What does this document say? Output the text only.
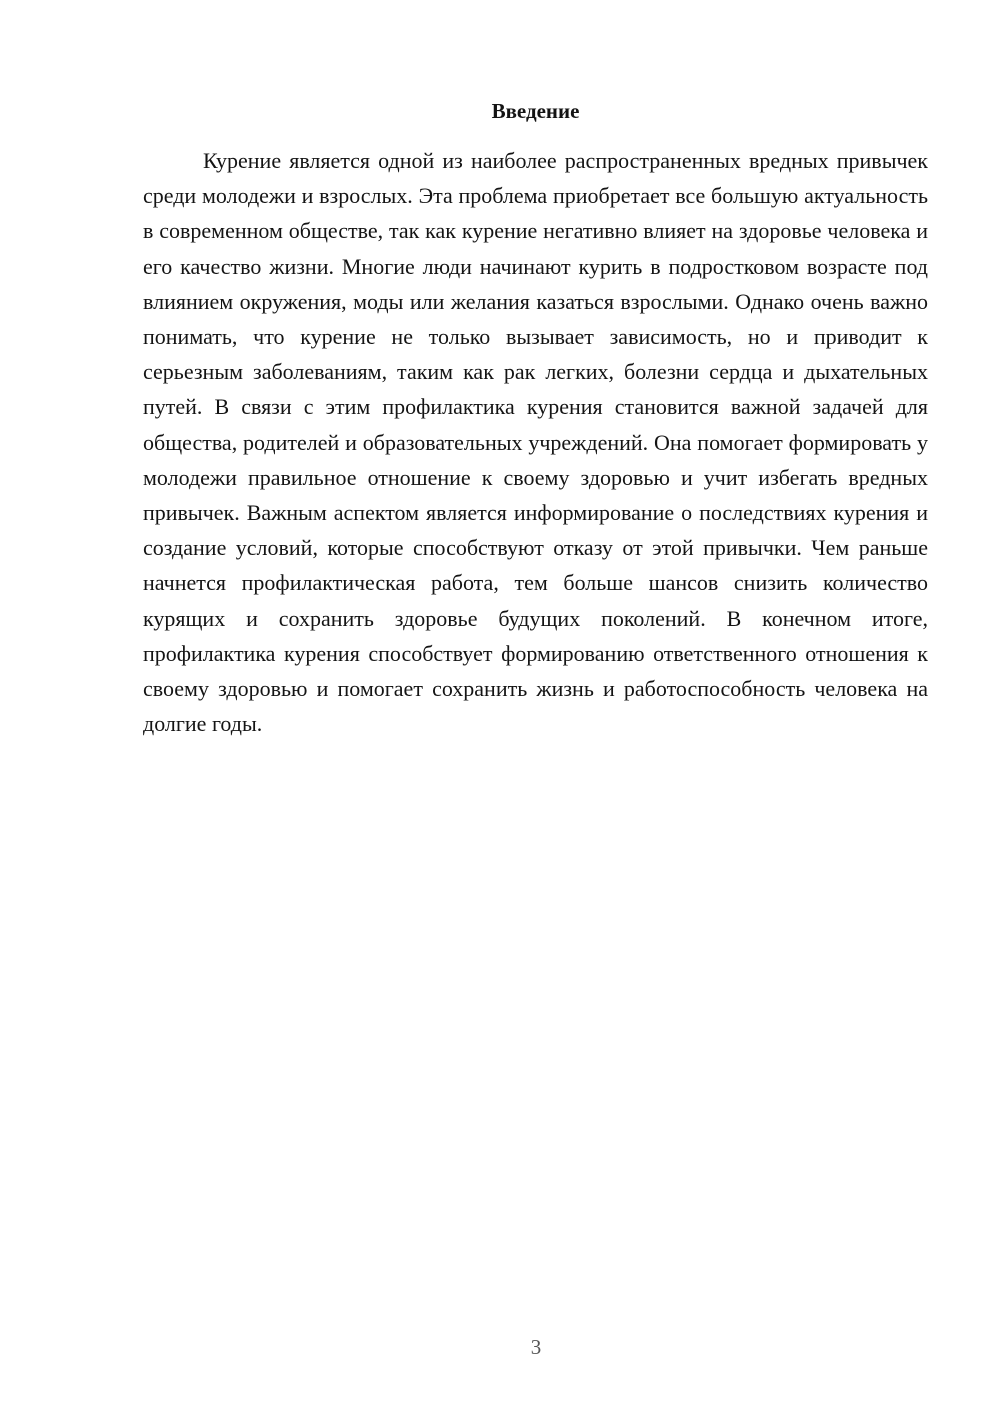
Введение

Курение является одной из наиболее распространенных вредных привычек среди молодежи и взрослых. Эта проблема приобретает все большую актуальность в современном обществе, так как курение негативно влияет на здоровье человека и его качество жизни. Многие люди начинают курить в подростковом возрасте под влиянием окружения, моды или желания казаться взрослыми. Однако очень важно понимать, что курение не только вызывает зависимость, но и приводит к серьезным заболеваниям, таким как рак легких, болезни сердца и дыхательных путей. В связи с этим профилактика курения становится важной задачей для общества, родителей и образовательных учреждений. Она помогает формировать у молодежи правильное отношение к своему здоровью и учит избегать вредных привычек. Важным аспектом является информирование о последствиях курения и создание условий, которые способствуют отказу от этой привычки. Чем раньше начнется профилактическая работа, тем больше шансов снизить количество курящих и сохранить здоровье будущих поколений. В конечном итоге, профилактика курения способствует формированию ответственного отношения к своему здоровью и помогает сохранить жизнь и работоспособность человека на долгие годы.

3
